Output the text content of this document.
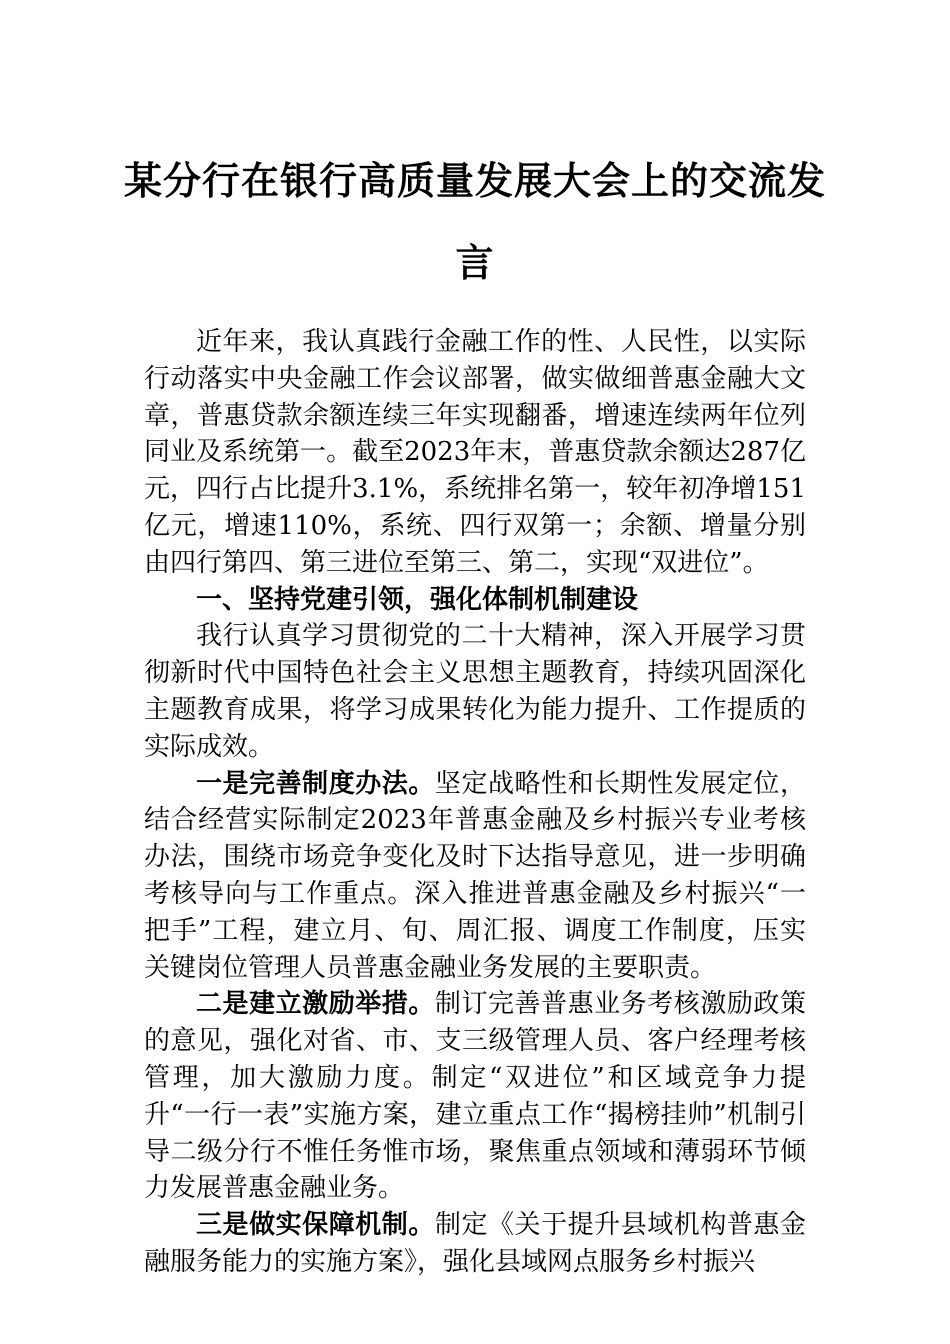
某分行在银行高质量发展大会上的交流发言

近年来，我认真践行金融工作的性、人民性，以实际行动落实中央金融工作会议部署，做实做细普惠金融大文章，普惠贷款余额连续三年实现翻番，增速连续两年位列同业及系统第一。截至2023年末，普惠贷款余额达287亿元，四行占比提升3.1%，系统排名第一，较年初净增151亿元，增速110%，系统、四行双第一；余额、增量分别由四行第四、第三进位至第三、第二，实现“双进位”。

一、坚持党建引领，强化体制机制建设

我行认真学习贯彻党的二十大精神，深入开展学习贯彻新时代中国特色社会主义思想主题教育，持续巩固深化主题教育成果，将学习成果转化为能力提升、工作提质的实际成效。

一是完善制度办法。坚定战略性和长期性发展定位，结合经营实际制定2023年普惠金融及乡村振兴专业考核办法，围绕市场竞争变化及时下达指导意见，进一步明确考核导向与工作重点。深入推进普惠金融及乡村振兴“一把手”工程，建立月、旬、周汇报、调度工作制度，压实关键岗位管理人员普惠金融业务发展的主要职责。

二是建立激励举措。制订完善普惠业务考核激励政策的意见，强化对省、市、支三级管理人员、客户经理考核管理，加大激励力度。制定“双进位”和区域竞争力提升“一行一表”实施方案，建立重点工作“揭榜挂帅”机制引导二级分行不惟任务惟市场，聚焦重点领域和薄弱环节倾力发展普惠金融业务。

三是做实保障机制。制定《关于提升县域机构普惠金融服务能力的实施方案》，强化县域网点服务乡村振兴
